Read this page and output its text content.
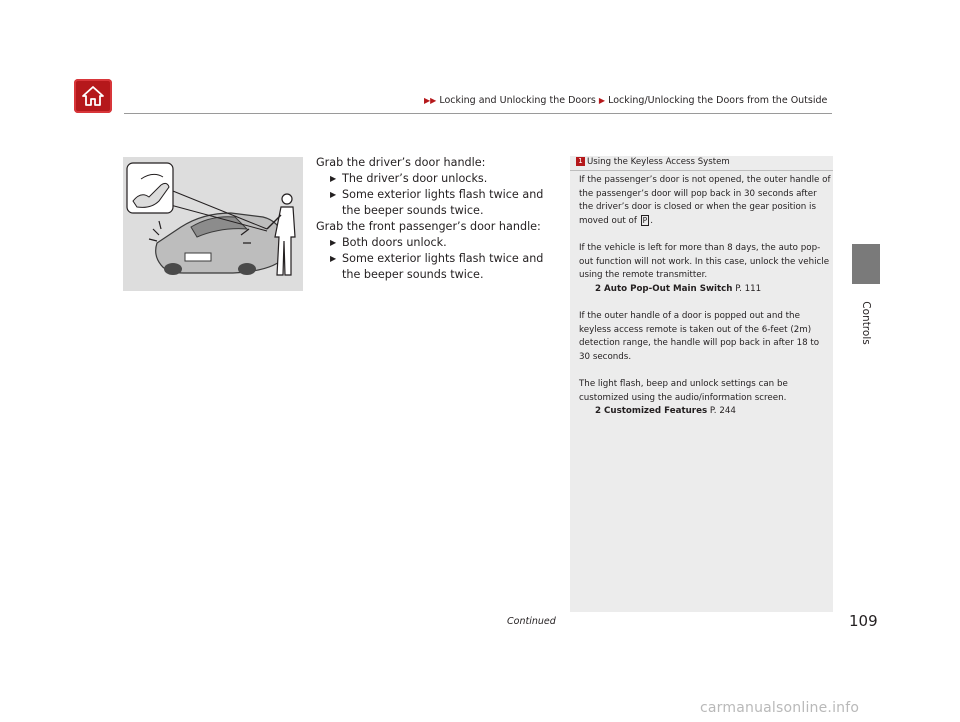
▶▶ Locking and Unlocking the Doors ▶ Locking/Unlocking the Doors from the Outside
Controls

Grab the driver’s door handle:

▶ The driver’s door unlocks.

▶ Some exterior lights flash twice and the beeper sounds twice.

Grab the front passenger’s door handle:

▶ Both doors unlock.

▶ Some exterior lights flash twice and the beeper sounds twice.

1 Using the Keyless Access System

If the passenger’s door is not opened, the outer handle of the passenger’s door will pop back in 30 seconds after the driver’s door is closed or when the gear position is moved out of P .

If the vehicle is left for more than 8 days, the auto pop-out function will not work. In this case, unlock the vehicle using the remote transmitter.
2 Auto Pop-Out Main Switch P. 111

If the outer handle of a door is popped out and the keyless access remote is taken out of the 6-feet (2m) detection range, the handle will pop back in after 18 to 30 seconds.

The light flash, beep and unlock settings can be customized using the audio/information screen.
2 Customized Features P. 244

Continued	109
carmanualsonline.info
